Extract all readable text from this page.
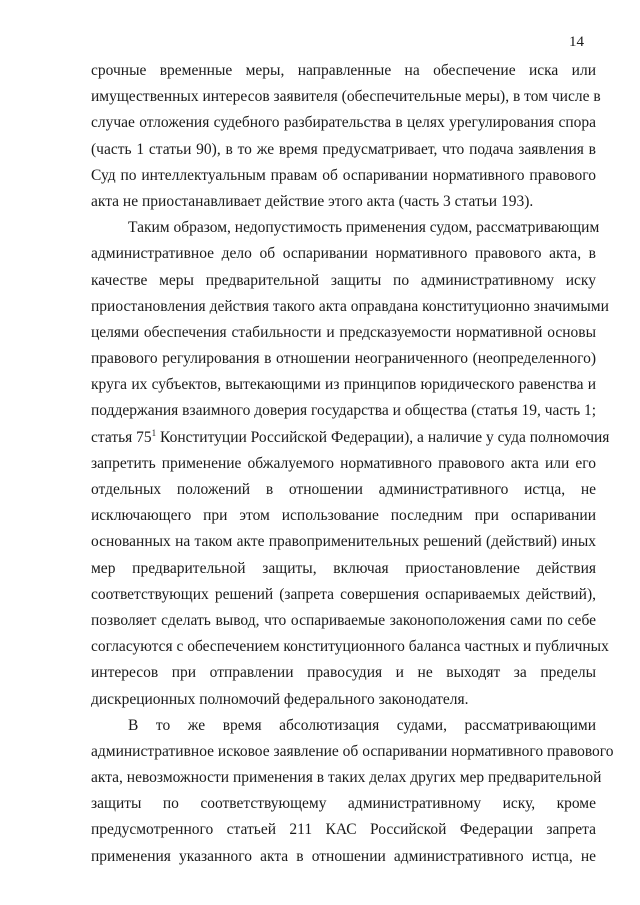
14
срочные временные меры, направленные на обеспечение иска или
имущественных интересов заявителя (обеспечительные меры), в том числе в
случае отложения судебного разбирательства в целях урегулирования спора
(часть 1 статьи 90), в то же время предусматривает, что подача заявления в
Суд по интеллектуальным правам об оспаривании нормативного правового
акта не приостанавливает действие этого акта (часть 3 статьи 193).
Таким образом, недопустимость применения судом, рассматривающим
административное дело об оспаривании нормативного правового акта, в
качестве меры предварительной защиты по административному иску
приостановления действия такого акта оправдана конституционно значимыми
целями обеспечения стабильности и предсказуемости нормативной основы
правового регулирования в отношении неограниченного (неопределенного)
круга их субъектов, вытекающими из принципов юридического равенства и
поддержания взаимного доверия государства и общества (статья 19, часть 1;
статья $75^1$ Конституции Российской Федерации), а наличие у суда полномочия
запретить применение обжалуемого нормативного правового акта или его
отдельных положений в отношении административного истца, не
исключающего при этом использование последним при оспаривании
основанных на таком акте правоприменительных решений (действий) иных
мер предварительной защиты, включая приостановление действия
соответствующих решений (запрета совершения оспариваемых действий),
позволяет сделать вывод, что оспариваемые законоположения сами по себе
согласуются с обеспечением конституционного баланса частных и публичных
интересов при отправлении правосудия и не выходят за пределы
дискреционных полномочий федерального законодателя.
В то же время абсолютизация судами, рассматривающими
административное исковое заявление об оспаривании нормативного правового
акта, невозможности применения в таких делах других мер предварительной
защиты по соответствующему административному иску, кроме
предусмотренного статьей 211 КАС Российской Федерации запрета
применения указанного акта в отношении административного истца, не
